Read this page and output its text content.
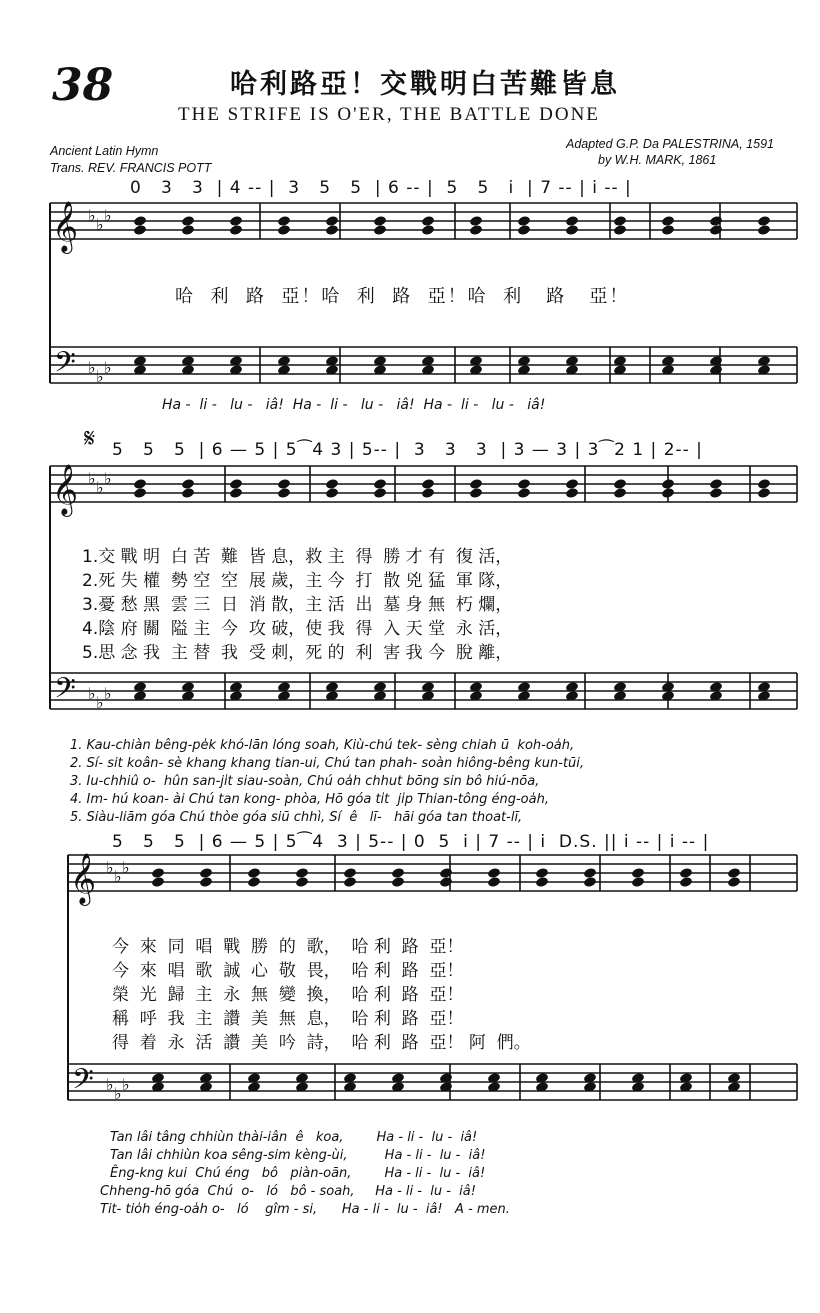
38	哈利路亞！交戰明白苦難皆息
THE STRIFE IS O'ER, THE BATTLE DONE
Ancient Latin Hymn
Trans. REV. FRANCIS POTT
Adapted G.P. Da PALESTRINA, 1591
by W.H. MARK, 1861
𝄞
𝄢
♭
♭
♭
♭
♭
♭
𝄞
𝄢
♭
♭
♭
♭
♭
♭
𝄞
𝄢
♭
♭
♭
♭
♭
♭
0   3   3  | 4 -- |  3   5   5  | 6 -- |  5   5   i  | 7 -- | i -- |
哈  利  路  亞！哈  利  路  亞！哈  利   路   亞！
Ha -  li -   lu -   iâ!  Ha -  li -   lu -   iâ!  Ha -  li -   lu -   iâ!
𝄋 5   5   5  | 6 — 5 | 5⁀4 3 | 5-- |  3   3   3  | 3 — 3 | 3⁀2 1 | 2-- |
1.交 戰 明  白 苦  難  皆 息，救 主  得  勝 才 有  復 活，
2.死 失 權  勢 空  空  展 歲，主 今  打  散 兇 猛  軍 隊，
3.憂 愁 黑  雲 三  日  消 散，主 活  出  墓 身 無  朽 爛，
4.陰 府 關  隘 主  今  攻 破，使 我  得  入 天 堂  永 活，
5.思 念 我  主 替  我  受 刺，死 的  利  害 我 今  脫 離，
1. Kau-chiàn bêng-pe̍k khó-lān lóng soah, Kiù-chú tek- sèng chiah ū  koh-oa̍h,
2. Sí- sit koân- sè khang khang tian-ui, Chú tan phah- soàn hiông-bêng kun-tūi,
3. Iu-chhiû o-  hûn san-ji̍t siau-soàn, Chú oa̍h chhut bōng sin bô hiú-nōa,
4. Im- hú koan- ài Chú tan kong- phòa, Hō góa ti̍t  ji̍p Thian-tông éng-oa̍h,
5. Siàu-liām góa Chú thòe góa siū chhì, Sí  ê   lī-   hāi góa tan thoat-lī,
5   5   5  | 6 — 5 | 5⁀4  3 | 5-- | 0  5  i | 7 -- | i  D.S. || i -- | i -- |
今  來  同  唱  戰  勝  的  歌，  哈 利  路  亞！
今  來  唱  歌  誠  心  敬  畏，  哈 利  路  亞！
榮  光  歸  主  永  無  變  換，  哈 利  路  亞！
稱  呼  我  主  讚  美  無  息，  哈 利  路  亞！
得  着  永  活  讚  美  吟  詩，  哈 利  路  亞！ 阿  們。
Tan lâi tâng chhiùn thài-iân  ê   koa,        Ha - li -  lu -  iâ!
Tan lâi chhiùn koa sêng-sim kèng-ùi,         Ha - li -  lu -  iâ!
Êng-kng kui  Chú éng   bô   piàn-oān,        Ha - li -  lu -  iâ!
Chheng-hō góa  Chú  o-   ló   bô - soah,     Ha - li -  lu -  iâ!
Tit- tio̍h éng-oa̍h o-   ló    gîm - si,      Ha - li -  lu -  iâ!   A - men.
